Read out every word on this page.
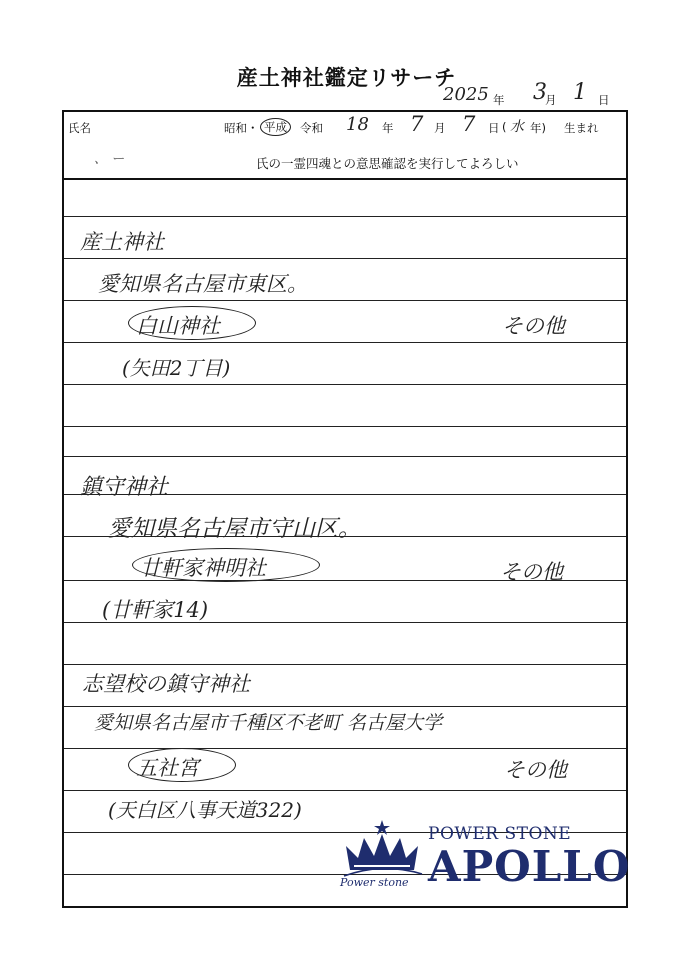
産土神社鑑定リサーチ
2025 年 3
月 1 日
氏名	昭和・ 平成	令和 18 年 7 月 7 日 ( 水 年) 生まれ
、 ー	氏の一霊四魂との意思確認を実行してよろしい
産土神社
愛知県名古屋市東区。
白山神社	その他
(矢田2丁目)
鎮守神社
愛知県名古屋市守山区。
廿軒家神明社	その他
(廿軒家14)
志望校の鎮守神社
愛知県名古屋市千種区不老町 名古屋大学
五社宮	その他
(天白区八事天道322)
POWER STONE
APOLLO
Power stone
